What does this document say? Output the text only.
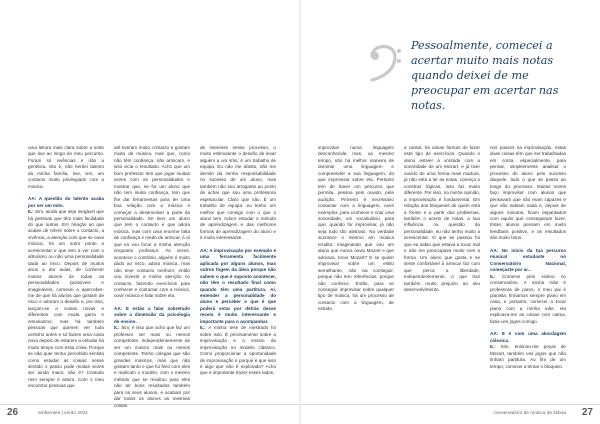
26	ambientes | verão 2021	conservatório de música de lisboa 27
Pessoalmente, comecei a acertar muito mais notas quando deixei de me preocupar em acertar nas notas.

uma leitura mais clara sobre a sorte que tive ao longo do meu percurso. Foram só vivências e não a genética, isto é, não herdei talento da minha família, tive, sim, um contacto muito privilegiado com a música.

AA: A questão do talento acaba por ser um mito.

IL: Sim, ainda que seja inegável que há pessoas que têm mais facilidade do que outras. Em relação ao que acabei de referir sobre o contacto, a vivência, a atenção com que se ouve música, há um outro ponto a acrescentar e que tem a ver com o altruísmo ou não uma personalidade dada ao risco. Depois de muitos anos a dar aulas, de conhecer muitos alunos de todas as personalidades (possíveis e imagináveis, comecei a aperceber-me de que há alunos que gostam de risco e adoram o desafio e, por isso, lançam-se a coisas novas e diferentes com muita garra e entusiasmo; mas há também pessoas que querem ver tudo certinho antes e só fazem uma coisa nova depois de estarem a estudar há muito tempo com essa coisa. Porque se não quer tenha percebido sentido como estudar as coisas: nesse sentido o passo pode muitas vezes ser ainda maior, não é? Contudo nem sempre é assim. Com o meu encontrar pessoas que

até tiveram muito contacto e gostam muito de música, mas que, como não têm confiança, não arriscam, e isso vicia o resultado. Acho que um bom professor tem que jogar muitas vezes com as personalidades e mostrar que, se for um aluno que não tem muita confiança, tem que lhe dar ferramentas para ter uma boa relação com a música e começar a desenvolver a parte da personalidade. Se tiver um aluno que tem o contacto e que adora música, mas com uma enorme falta de confiança e medo de arriscar, é aí que eu vou focar a minha atenção enquanto professor. Às vezes, acontece o contrário, alguém é muito dado ao risco, adora música, mas não teve contacto nenhum; então vou investir a minha atenção no contacto, fazendo exercícios para conhecer e contactar com a música, ouvir música e falar sobre ela.

AA: E estás a falar sobretudo sobre a dimensão da psicologia de ensino.

IL: Sim, é isso que acho que faz um professor ser mais ou menos competente, independentemente de ser um músico mais ou menos competente. Tenho colegas que são grandes músicos, mas que não gostam tanto e que foi feito com eles e replicam o modelo, com o mesmo método que se resultou para eles não ter bons resultados também para os seus alunos, e acabam por dar todos os alunos as mesmas coisas.

de interesse nesse processo, o muito estimulante o desafio de levar alguém a um sítio, é um trabalho de equipa. Eu não me afasto, não me demito da minha responsabilidade no sucesso de um aluno, mas também não sou arrogante ao ponto de achar que sou uma professora espetacular. Claro que não. É um trabalho de equipa: eu tenho um melhor que consigo com o que o aluno tem. Adoro estudar o método de aprendizagem e das melhores formas de aprendizagem do aluno e é muito interessante.

AA: A improvisação por exemplo é uma ferramenta facilmente aplicada por alguns alunos, mas outros fogem da ideia porque não sabem o que é suposto acontecer, não têm o resultado final como quando têm uma partitura. Aí, entender a personalidade do aluno e perceber o que é que poderá estar por detrás desse receio é muito interessante e importante para o acompanhar.

IL: A minha tese de mestrado foi sobre isso. É precisamente sobre a improvisação e o ensino da improvisação no modelo clássico. Como proporcionar a oportunidade de improvisação e porque é que isso é algo que não é explorado? Acho que é importante trazer esses lados.

improvisar numa linguagem desconhecida mas, ao mesmo tempo, não há melhor maneira de dominar uma linguagem e compreender a sua linguagem, do que improvisar sobre ela. Portanto tem de haver um percurso que permita, pessoa pelo ouvido, pela audição. Primeiro é necessário contactar com a linguagem, ouvir exemplos, para conhecer e criar uma sonoridade, um vocabulário, para que, quando for improvisar, já não seja tudo tão abstrato. Na verdade acontece o mesmo em música erudita: imaginando que vou um aluno que nunca ouviu Mozart e que adorava, tocar Mozart? E se quiser improvisar sobre um estilo semelhante, não vai conseguir, porque não tem referências, porque não conhece. Então, para se conseguir improvisar sobre qualquer tipo de música, há um processo de contacto com a linguagem, de estudo.

a cantar, há várias formas de fazer este tipo de exercícios. Quando o aluno estiver à vontade com a sonoridade de um Mozart, e já tiver ouvido de uma forma mais madura, já não está a ler as notas, começa a construir lógicas, isso faz muito diferente. Por isso, na minha opinião, a improvisação é fundamental. Em relação aos bloqueios de quem está à frente e a partir dos problemas, também o acerto de notas, a sua influência na questão da personalidade, eu não tenho muito a acrescentar. O que se passou foi que eu sabia que estava a tocar mal e não me preocupava muito com a forma. Um aluno que gosta e se sente confortável à arriscar faz com que perca a liberdade, independentemente, o que traz também muito prejuízo ao seu desenvolvimento.

nos passos na improvisação, estas duas coisas têm que ser trabalhadas em conta, especialmente, para pensar, simplesmente analisar o processo do aluno pelo sucesso daquele, tudo o que se passa ao longo do processo. Muitas vezes faço improvisar com alunos que pensavam que não eram capazes e que não sabiam nada e, depois de alguns minutos, ficam espantados com aquilo que conseguiram fazer. Estes alunos pensam em muito feedback positivo, e os resultados são muito bons.

AA: No início da tua percurso musical estudaste no Conservatório Nacional, começaste por aí...

IL: Comecei pelo violino no conservatório. A minha mãe é professora de piano, o meu pai é pianista, tínhamos sempre piano em casa, e portanto, comecei a tocar piano com a minha mãe, ela explicava-me as coisas com calma, fazia uns jogos comigo.

AA: E é com uma abordagem clássica.

IL: Sim, ensinou-me peças de Mozart, também uns jogos que não tinham partitura. Ao fim de um tempo, comecei a tentar o bloqueio.
